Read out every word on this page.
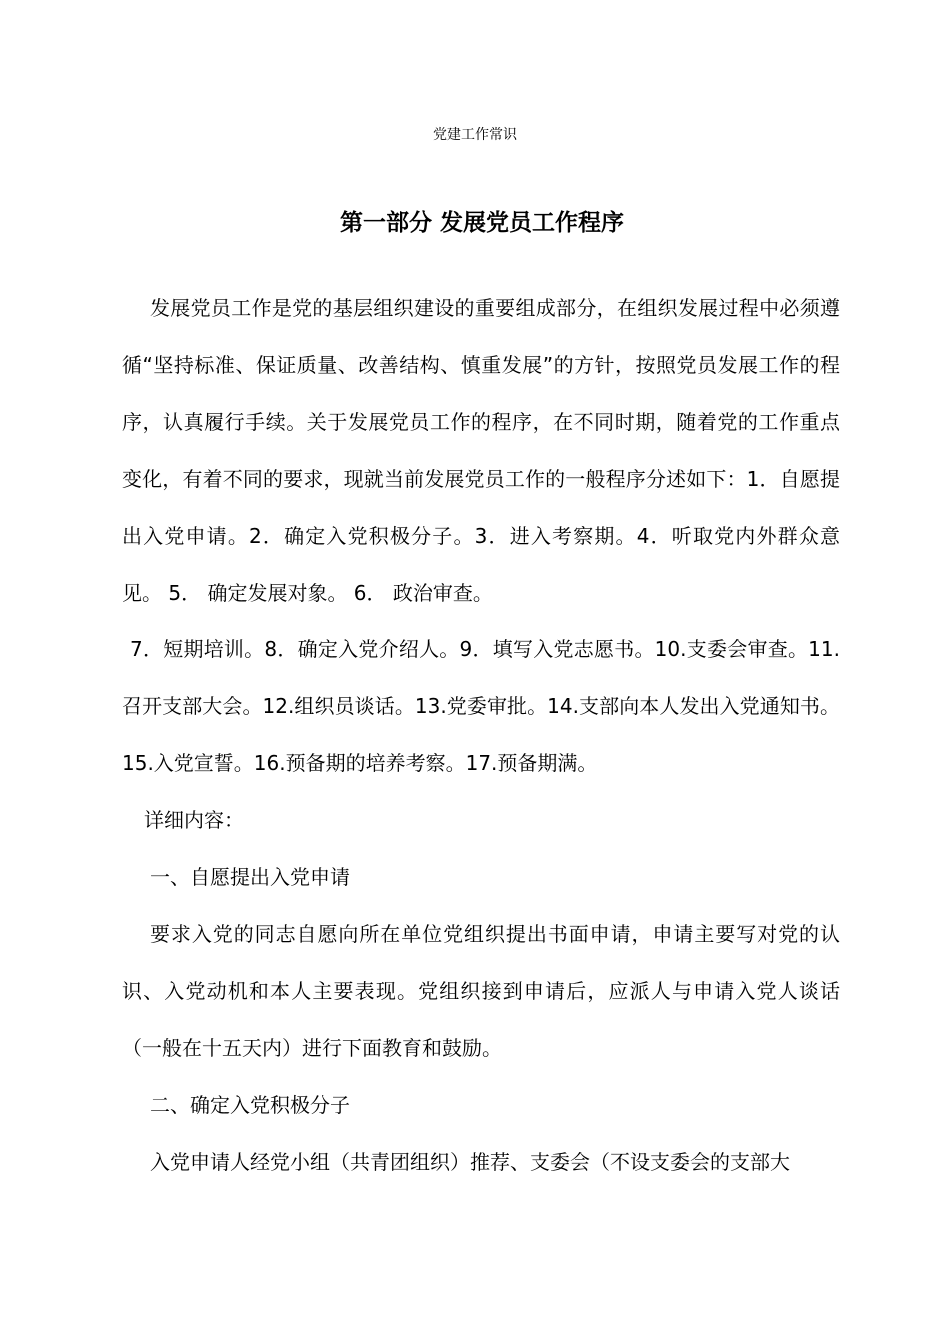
党建工作常识
第一部分 发展党员工作程序

发展党员工作是党的基层组织建设的重要组成部分，在组织发展过程中必须遵循“坚持标准、保证质量、改善结构、慎重发展”的方针，按照党员发展工作的程序，认真履行手续。关于发展党员工作的程序，在不同时期，随着党的工作重点变化，有着不同的要求，现就当前发展党员工作的一般程序分述如下：1．自愿提出入党申请。2．确定入党积极分子。3．进入考察期。4．听取党内外群众意见。 5． 确定发展对象。 6． 政治审查。

7．短期培训。8．确定入党介绍人。9．填写入党志愿书。10.支委会审查。11.召开支部大会。12.组织员谈话。13.党委审批。14.支部向本人发出入党通知书。15.入党宣誓。16.预备期的培养考察。17.预备期满。

详细内容：

一、自愿提出入党申请

要求入党的同志自愿向所在单位党组织提出书面申请，申请主要写对党的认识、入党动机和本人主要表现。党组织接到申请后，应派人与申请入党人谈话（一般在十五天内）进行下面教育和鼓励。

二、确定入党积极分子

入党申请人经党小组（共青团组织）推荐、支委会（不设支委会的支部大
